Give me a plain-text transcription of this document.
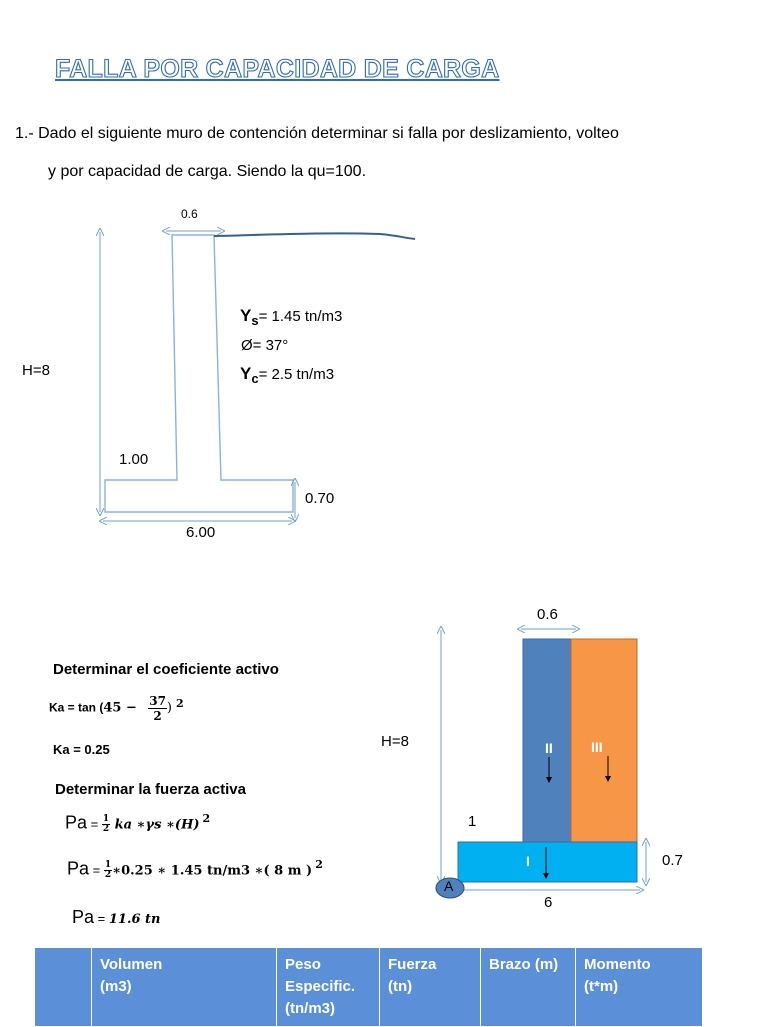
FALLA POR CAPACIDAD DE CARGA
1.- Dado el siguiente muro de contención determinar si falla por deslizamiento, volteo
y por capacidad de carga. Siendo la qu=100.
0.6
H=8
$Y_s= 1.45$ tn/m3
Ø= 37°
$Y_c= 2.5$ tn/m3
1.00
0.70
6.00
0.6
H=8
1
0.7
6
A
I
II	III
Determinar el coeficiente activo
$Ka = \tan (45 - \frac{37}{2}$ ) $^2$
Ka = 0.25
Determinar la fuerza activa
$Pa = \frac{1}{2}$ ka ∗γs ∗(H) $^2$
$Pa = \frac{1}{2}$ ∗0.25 ∗ 1.45 tn/m3 ∗( 8 m ) $^2$
Pa = 11.6 tn
	Volumen
(m3)	Peso
Especific.
(tn/m3)	Fuerza
(tn)	Brazo (m)	Momento
(t*m)
